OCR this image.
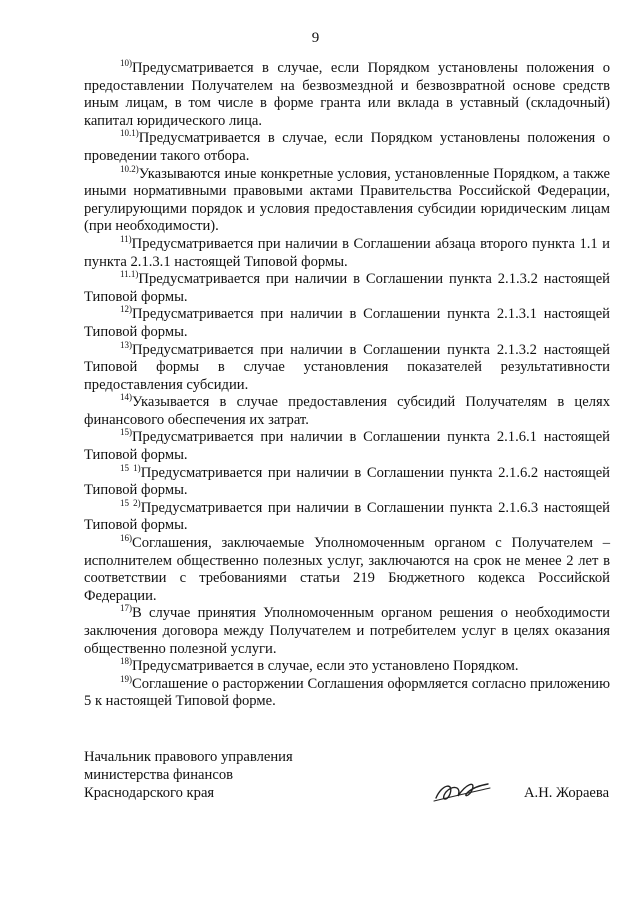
9

$^{10)}$Предусматривается в случае, если Порядком установлены положения о предоставлении Получателем на безвозмездной и безвозвратной основе средств иным лицам, в том числе в форме гранта или вклада в уставный (складочный) капитал юридического лица.

$^{10.1)}$Предусматривается в случае, если Порядком установлены положения о проведении такого отбора.

$^{10.2)}$Указываются иные конкретные условия, установленные Порядком, а также иными нормативными правовыми актами Правительства Российской Федерации, регулирующими порядок и условия предоставления субсидии юридическим лицам (при необходимости).

$^{11)}$Предусматривается при наличии в Соглашении абзаца второго пункта 1.1 и пункта 2.1.3.1 настоящей Типовой формы.

$^{11.1)}$Предусматривается при наличии в Соглашении пункта 2.1.3.2 настоящей Типовой формы.

$^{12)}$Предусматривается при наличии в Соглашении пункта 2.1.3.1 настоящей Типовой формы.

$^{13)}$Предусматривается при наличии в Соглашении пункта 2.1.3.2 настоящей Типовой формы в случае установления показателей результативности предоставления субсидии.

$^{14)}$Указывается в случае предоставления субсидий Получателям в целях финансового обеспечения их затрат.

$^{15)}$Предусматривается при наличии в Соглашении пункта 2.1.6.1 настоящей Типовой формы.

$^{15 1)}$Предусматривается при наличии в Соглашении пункта 2.1.6.2 настоящей Типовой формы.

$^{15 2)}$Предусматривается при наличии в Соглашении пункта 2.1.6.3 настоящей Типовой формы.

$^{16)}$Соглашения, заключаемые Уполномоченным органом с Получателем – исполнителем общественно полезных услуг, заключаются на срок не менее 2 лет в соответствии с требованиями статьи 219 Бюджетного кодекса Российской Федерации.

$^{17)}$В случае принятия Уполномоченным органом решения о необходимости заключения договора между Получателем и потребителем услуг в целях оказания общественно полезной услуги.

$^{18)}$Предусматривается в случае, если это установлено Порядком.

$^{19)}$Соглашение о расторжении Соглашения оформляется согласно приложению 5 к настоящей Типовой форме.

Начальник правового управления
министерства финансов
Краснодарского края	А.Н. Жораева
